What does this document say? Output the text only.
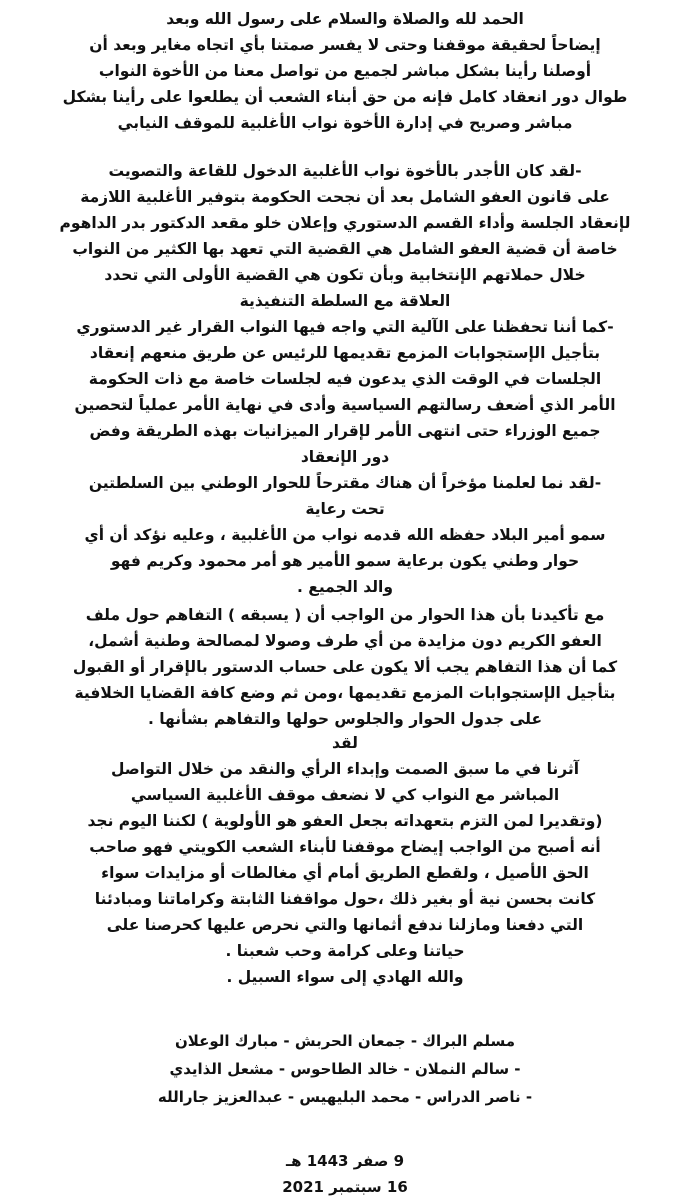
الحمد لله والصلاة والسلام على رسول الله وبعد

إيضاحاً لحقيقة موقفنا وحتى لا يفسر صمتنا بأي اتجاه مغاير وبعد أن

أوصلنا رأينا بشكل مباشر لجميع من تواصل معنا من الأخوة النواب

طوال دور انعقاد كامل فإنه من حق أبناء الشعب أن يطلعوا على رأينا بشكل

مباشر وصريح في إدارة الأخوة نواب الأغلبية للموقف النيابي

-لقد كان الأجدر بالأخوة نواب الأغلبية الدخول للقاعة والتصويت

على قانون العفو الشامل بعد أن نجحت الحكومة بتوفير الأغلبية اللازمة

لإنعقاد الجلسة وأداء القسم الدستوري وإعلان خلو مقعد الدكتور بدر الداهوم

خاصة أن قضية العفو الشامل هي القضية التي تعهد بها الكثير من النواب

خلال حملاتهم الإنتخابية وبأن تكون هي القضية الأولى التي تحدد

العلاقة مع السلطة التنفيذية

-كما أننا تحفظنا على الآلية التي واجه فيها النواب القرار غير الدستوري

بتأجيل الإستجوابات المزمع تقديمها للرئيس عن طريق منعهم إنعقاد

الجلسات في الوقت الذي يدعون فيه لجلسات خاصة مع ذات الحكومة

الأمر الذي أضعف رسالتهم السياسية وأدى في نهاية الأمر عملياً لتحصين

جميع الوزراء حتى انتهى الأمر لإقرار الميزانيات بهذه الطريقة وفض

دور الإنعقاد

-لقد نما لعلمنا مؤخراً أن هناك مقترحاً للحوار الوطني بين السلطتين

تحت رعاية

سمو أمير البلاد حفظه الله قدمه نواب من الأغلبية ، وعليه نؤكد أن أي

حوار وطني يكون برعاية سمو الأمير هو أمر محمود وكريم فهو

والد الجميع .

مع تأكيدنا بأن هذا الحوار من الواجب أن ( يسبقه ) التفاهم حول ملف

العفو الكريم دون مزايدة من أي طرف وصولا لمصالحة وطنية أشمل،

كما أن هذا التفاهم يجب ألا يكون على حساب الدستور بالإقرار أو القبول

بتأجيل الإستجوابات المزمع تقديمها ،ومن ثم وضع كافة القضايا الخلافية

على جدول الحوار والجلوس حولها والتفاهم بشأنها .

لقد

آثرنا في ما سبق الصمت وإبداء الرأي والنقد من خلال التواصل

المباشر مع النواب كي لا نضعف موقف الأغلبية السياسي

(وتقديرا لمن التزم بتعهداته بجعل العفو هو الأولوية ) لكننا اليوم نجد

أنه أصبح من الواجب إيضاح موقفنا لأبناء الشعب الكويتي فهو صاحب

الحق الأصيل ، ولقطع الطريق أمام أي مغالطات أو مزايدات سواء

كانت بحسن نية أو بغير ذلك ،حول مواقفنا الثابتة وكراماتنا ومبادئنا

التي دفعنا ومازلنا ندفع أثمانها والتي نحرص عليها كحرصنا على

حياتنا وعلى كرامة وحب شعبنا .

والله الهادي إلى سواء السبيل .

مسلم البراك - جمعان الحربش - مبارك الوعلان

- سالم النملان - خالد الطاحوس - مشعل الذايدي

- ناصر الدراس - محمد البليهيس - عبدالعزيز جارالله

9 صفر 1443 هـ

16 سبتمبر 2021
